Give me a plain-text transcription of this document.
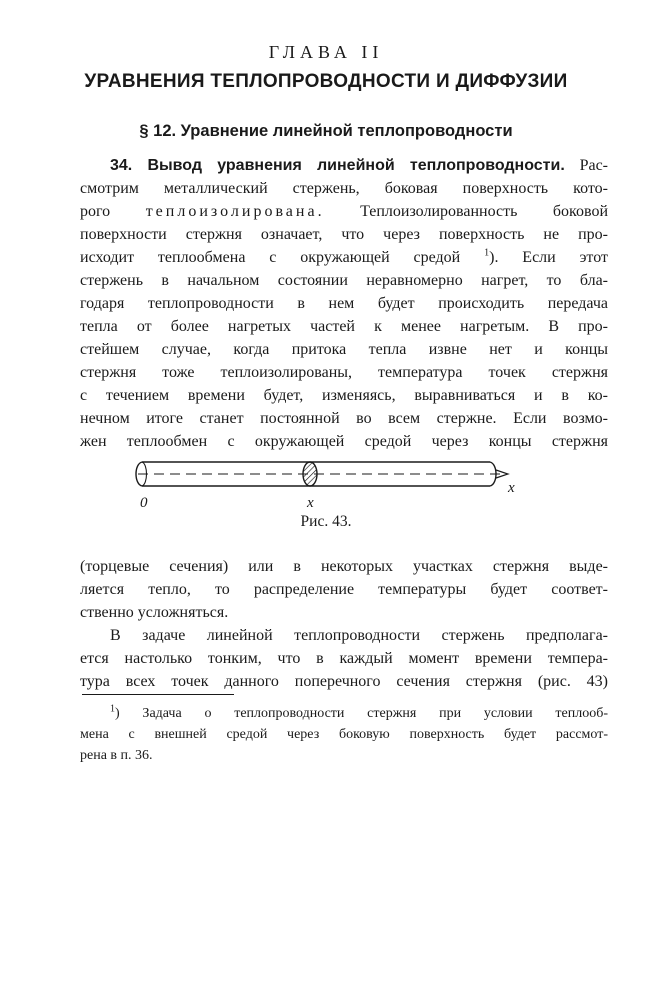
ГЛАВА II
УРАВНЕНИЯ ТЕПЛОПРОВОДНОСТИ И ДИФФУЗИИ
§ 12. Уравнение линейной теплопроводности
34. Вывод уравнения линейной теплопроводности. Рас-
смотрим металлический стержень, боковая поверхность кото-
рого теплоизолирована. Теплоизолированность боковой
поверхности стержня означает, что через поверхность не про-
исходит теплообмена с окружающей средой $^1$). Если этот
стержень в начальном состоянии неравномерно нагрет, то бла-
годаря теплопроводности в нем будет происходить передача
тепла от более нагретых частей к менее нагретым. В про-
стейшем случае, когда притока тепла извне нет и концы
стержня тоже теплоизолированы, температура точек стержня
с течением времени будет, изменяясь, выравниваться и в ко-
нечном итоге станет постоянной во всем стержне. Если возмо-
жен теплообмен с окружающей средой через концы стержня
0	x
x
Рис. 43.
(торцевые сечения) или в некоторых участках стержня выде-
ляется тепло, то распределение температуры будет соответ-
ственно усложняться.
В задаче линейной теплопроводности стержень предполага-
ется настолько тонким, что в каждый момент времени темпера-
тура всех точек данного поперечного сечения стержня (рис. 43)
$^1$) Задача о теплопроводности стержня при условии теплооб-
мена с внешней средой через боковую поверхность будет рассмот-
рена в п. 36.
